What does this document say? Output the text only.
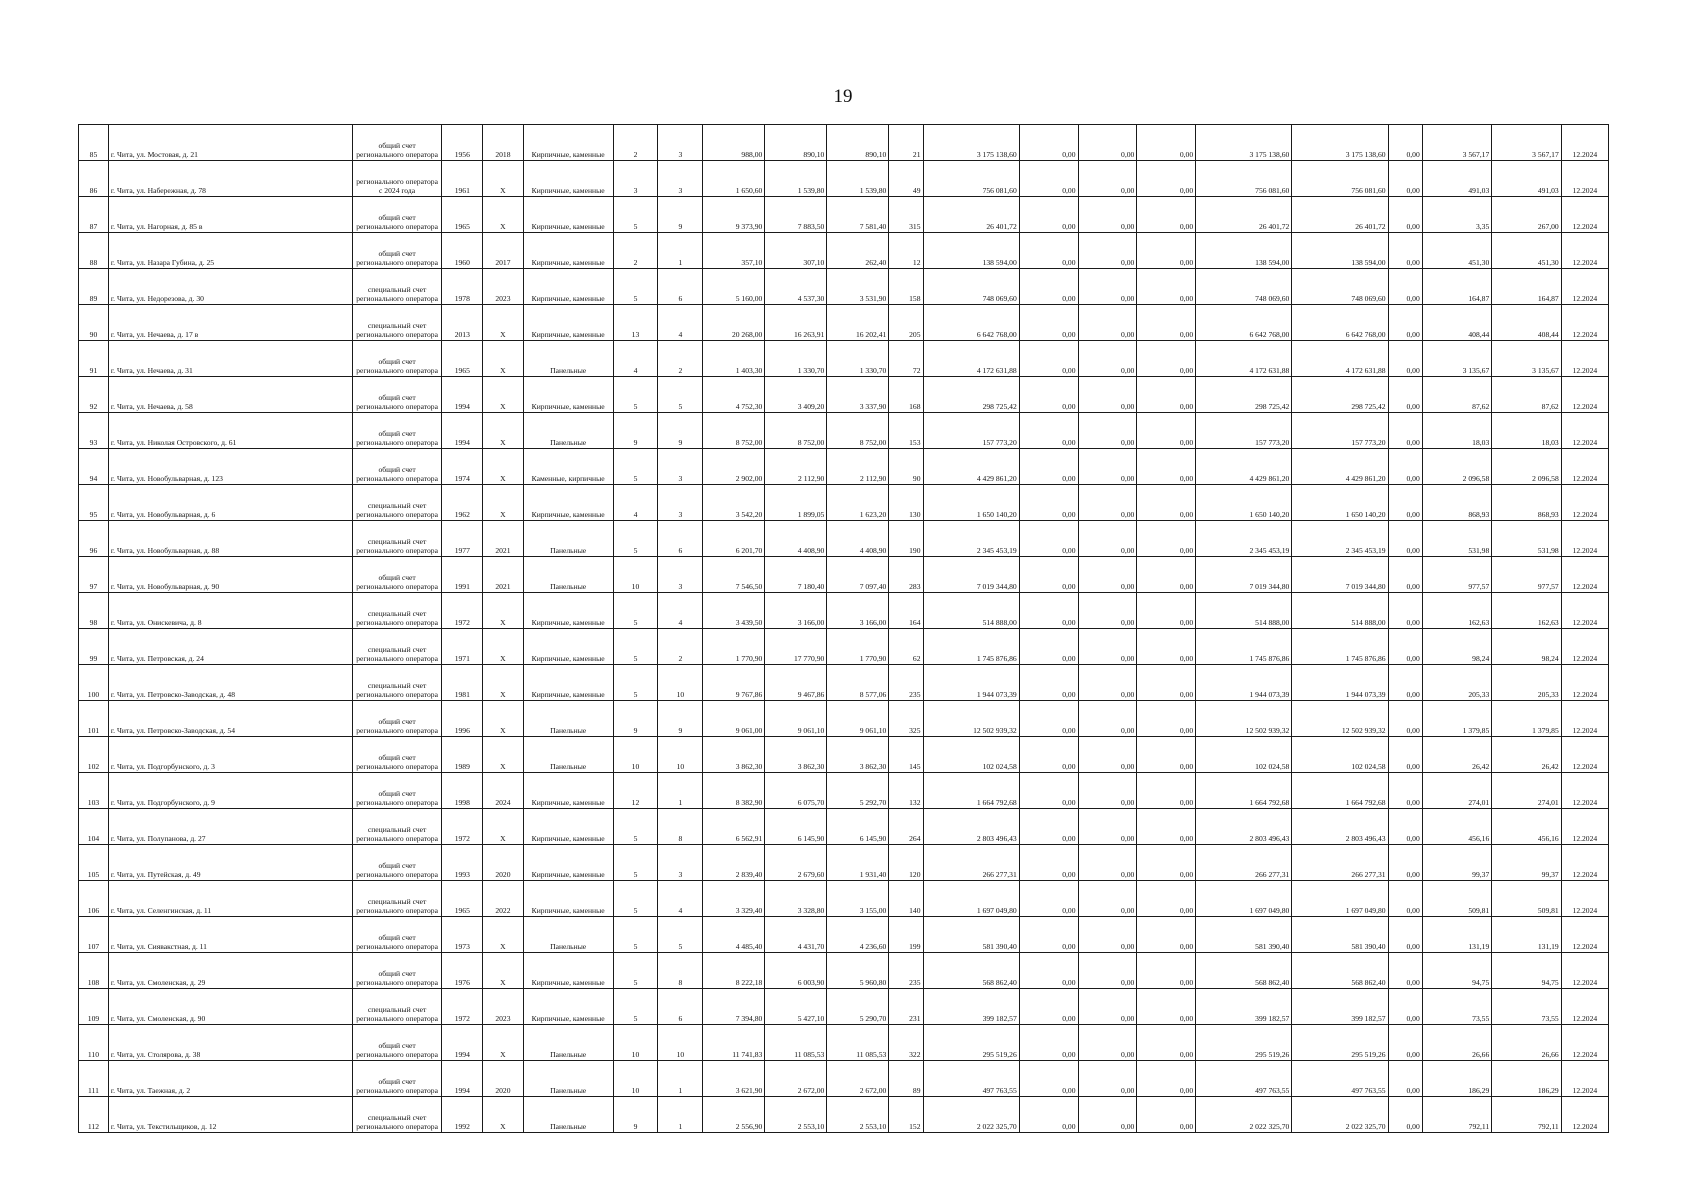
19
85	г. Чита, ул. Мостовая, д. 21	общий счет регионального оператора	1956	2018	Кирпичные, каменные	2	3	988,00	890,10	890,10	21	3 175 138,60	0,00	0,00	0,00	3 175 138,60	3 175 138,60	0,00	3 567,17	3 567,17	12.2024
86	г. Чита, ул. Набережная, д. 78	регионального оператора с 2024 года	1961	Х	Кирпичные, каменные	3	3	1 650,60	1 539,80	1 539,80	49	756 081,60	0,00	0,00	0,00	756 081,60	756 081,60	0,00	491,03	491,03	12.2024
87	г. Чита, ул. Нагорная, д. 85 в	общий счет регионального оператора	1965	Х	Кирпичные, каменные	5	9	9 373,90	7 883,50	7 581,40	315	26 401,72	0,00	0,00	0,00	26 401,72	26 401,72	0,00	3,35	267,00	12.2024
88	г. Чита, ул. Назара Губина, д. 25	общий счет регионального оператора	1960	2017	Кирпичные, каменные	2	1	357,10	307,10	262,40	12	138 594,00	0,00	0,00	0,00	138 594,00	138 594,00	0,00	451,30	451,30	12.2024
89	г. Чита, ул. Недорезова, д. 30	специальный счет регионального оператора	1978	2023	Кирпичные, каменные	5	6	5 160,00	4 537,30	3 531,90	158	748 069,60	0,00	0,00	0,00	748 069,60	748 069,60	0,00	164,87	164,87	12.2024
90	г. Чита, ул. Нечаева, д. 17 в	специальный счет регионального оператора	2013	Х	Кирпичные, каменные	13	4	20 268,00	16 263,91	16 202,41	205	6 642 768,00	0,00	0,00	0,00	6 642 768,00	6 642 768,00	0,00	408,44	408,44	12.2024
91	г. Чита, ул. Нечаева, д. 31	общий счет регионального оператора	1965	Х	Панельные	4	2	1 403,30	1 330,70	1 330,70	72	4 172 631,88	0,00	0,00	0,00	4 172 631,88	4 172 631,88	0,00	3 135,67	3 135,67	12.2024
92	г. Чита, ул. Нечаева, д. 58	общий счет регионального оператора	1994	Х	Кирпичные, каменные	5	5	4 752,30	3 409,20	3 337,90	168	298 725,42	0,00	0,00	0,00	298 725,42	298 725,42	0,00	87,62	87,62	12.2024
93	г. Чита, ул. Николая Островского, д. 61	общий счет регионального оператора	1994	Х	Панельные	9	9	8 752,00	8 752,00	8 752,00	153	157 773,20	0,00	0,00	0,00	157 773,20	157 773,20	0,00	18,03	18,03	12.2024
94	г. Чита, ул. Новобульварная, д. 123	общий счет регионального оператора	1974	Х	Каменные, кирпичные	5	3	2 902,00	2 112,90	2 112,90	90	4 429 861,20	0,00	0,00	0,00	4 429 861,20	4 429 861,20	0,00	2 096,58	2 096,58	12.2024
95	г. Чита, ул. Новобульварная, д. 6	специальный счет регионального оператора	1962	Х	Кирпичные, каменные	4	3	3 542,20	1 899,05	1 623,20	130	1 650 140,20	0,00	0,00	0,00	1 650 140,20	1 650 140,20	0,00	868,93	868,93	12.2024
96	г. Чита, ул. Новобульварная, д. 88	специальный счет регионального оператора	1977	2021	Панельные	5	6	6 201,70	4 408,90	4 408,90	190	2 345 453,19	0,00	0,00	0,00	2 345 453,19	2 345 453,19	0,00	531,98	531,98	12.2024
97	г. Чита, ул. Новобульварная, д. 90	общий счет регионального оператора	1991	2021	Панельные	10	3	7 546,50	7 180,40	7 097,40	283	7 019 344,80	0,00	0,00	0,00	7 019 344,80	7 019 344,80	0,00	977,57	977,57	12.2024
98	г. Чита, ул. Онискевича, д. 8	специальный счет регионального оператора	1972	Х	Кирпичные, каменные	5	4	3 439,50	3 166,00	3 166,00	164	514 888,00	0,00	0,00	0,00	514 888,00	514 888,00	0,00	162,63	162,63	12.2024
99	г. Чита, ул. Петровская, д. 24	специальный счет регионального оператора	1971	Х	Кирпичные, каменные	5	2	1 770,90	17 770,90	1 770,90	62	1 745 876,86	0,00	0,00	0,00	1 745 876,86	1 745 876,86	0,00	98,24	98,24	12.2024
100	г. Чита, ул. Петровско-Заводская, д. 48	специальный счет регионального оператора	1981	Х	Кирпичные, каменные	5	10	9 767,86	9 467,86	8 577,06	235	1 944 073,39	0,00	0,00	0,00	1 944 073,39	1 944 073,39	0,00	205,33	205,33	12.2024
101	г. Чита, ул. Петровско-Заводская, д. 54	общий счет регионального оператора	1996	Х	Панельные	9	9	9 061,00	9 061,10	9 061,10	325	12 502 939,32	0,00	0,00	0,00	12 502 939,32	12 502 939,32	0,00	1 379,85	1 379,85	12.2024
102	г. Чита, ул. Подгорбунского, д. 3	общий счет регионального оператора	1989	Х	Панельные	10	10	3 862,30	3 862,30	3 862,30	145	102 024,58	0,00	0,00	0,00	102 024,58	102 024,58	0,00	26,42	26,42	12.2024
103	г. Чита, ул. Подгорбунского, д. 9	общий счет регионального оператора	1998	2024	Кирпичные, каменные	12	1	8 382,90	6 075,70	5 292,70	132	1 664 792,68	0,00	0,00	0,00	1 664 792,68	1 664 792,68	0,00	274,01	274,01	12.2024
104	г. Чита, ул. Полупанова, д. 27	специальный счет регионального оператора	1972	Х	Кирпичные, каменные	5	8	6 562,91	6 145,90	6 145,90	264	2 803 496,43	0,00	0,00	0,00	2 803 496,43	2 803 496,43	0,00	456,16	456,16	12.2024
105	г. Чита, ул. Путейская, д. 49	общий счет регионального оператора	1993	2020	Кирпичные, каменные	5	3	2 839,40	2 679,60	1 931,40	120	266 277,31	0,00	0,00	0,00	266 277,31	266 277,31	0,00	99,37	99,37	12.2024
106	г. Чита, ул. Селенгинская, д. 11	специальный счет регионального оператора	1965	2022	Кирпичные, каменные	5	4	3 329,40	3 328,80	3 155,00	140	1 697 049,80	0,00	0,00	0,00	1 697 049,80	1 697 049,80	0,00	509,81	509,81	12.2024
107	г. Чита, ул. Сиявакстная, д. 11	общий счет регионального оператора	1973	Х	Панельные	5	5	4 485,40	4 431,70	4 236,60	199	581 390,40	0,00	0,00	0,00	581 390,40	581 390,40	0,00	131,19	131,19	12.2024
108	г. Чита, ул. Смоленская, д. 29	общий счет регионального оператора	1976	Х	Кирпичные, каменные	5	8	8 222,18	6 003,90	5 960,80	235	568 862,40	0,00	0,00	0,00	568 862,40	568 862,40	0,00	94,75	94,75	12.2024
109	г. Чита, ул. Смоленская, д. 90	специальный счет регионального оператора	1972	2023	Кирпичные, каменные	5	6	7 394,80	5 427,10	5 290,70	231	399 182,57	0,00	0,00	0,00	399 182,57	399 182,57	0,00	73,55	73,55	12.2024
110	г. Чита, ул. Столярова, д. 38	общий счет регионального оператора	1994	Х	Панельные	10	10	11 741,83	11 085,53	11 085,53	322	295 519,26	0,00	0,00	0,00	295 519,26	295 519,26	0,00	26,66	26,66	12.2024
111	г. Чита, ул. Таежная, д. 2	общий счет регионального оператора	1994	2020	Панельные	10	1	3 621,90	2 672,00	2 672,00	89	497 763,55	0,00	0,00	0,00	497 763,55	497 763,55	0,00	186,29	186,29	12.2024
112	г. Чита, ул. Текстильщиков, д. 12	специальный счет регионального оператора	1992	Х	Панельные	9	1	2 556,90	2 553,10	2 553,10	152	2 022 325,70	0,00	0,00	0,00	2 022 325,70	2 022 325,70	0,00	792,11	792,11	12.2024
